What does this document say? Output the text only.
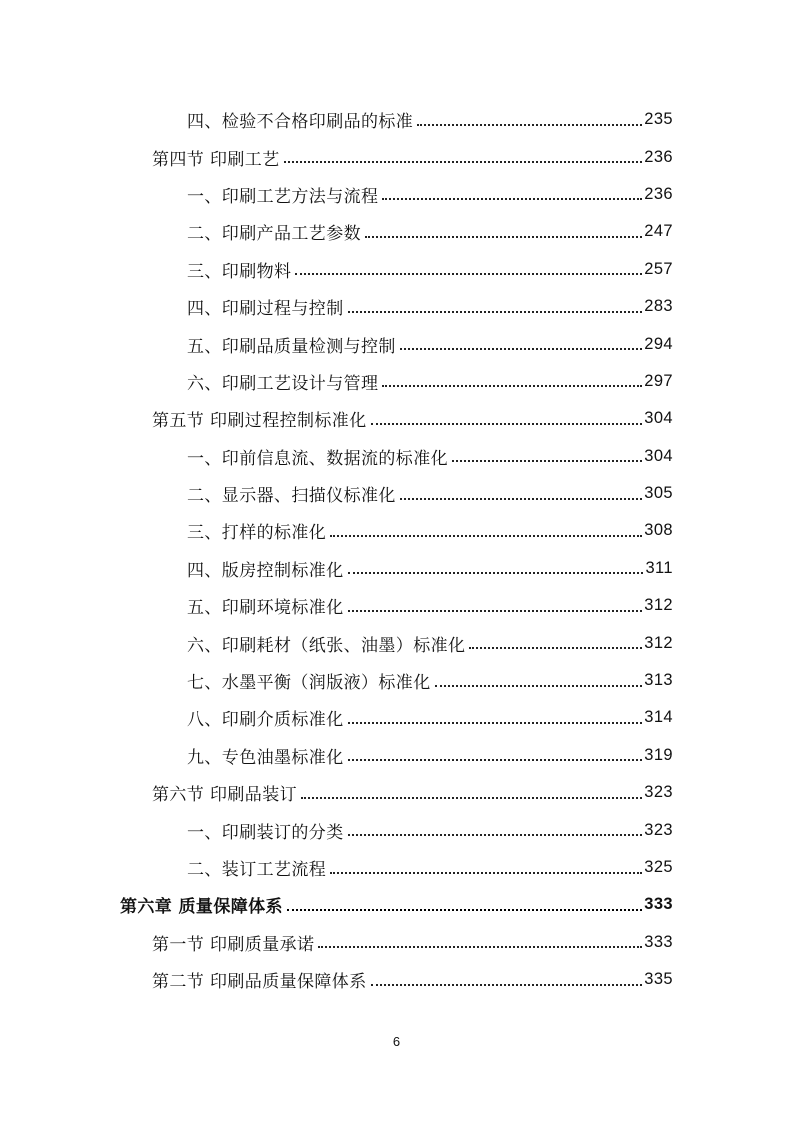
四、检验不合格印刷品的标准	235
第四节 印刷工艺	236
一、印刷工艺方法与流程	236
二、印刷产品工艺参数	247
三、印刷物料	257
四、印刷过程与控制	283
五、印刷品质量检测与控制	294
六、印刷工艺设计与管理	297
第五节 印刷过程控制标准化	304
一、印前信息流、数据流的标准化	304
二、显示器、扫描仪标准化	305
三、打样的标准化	308
四、版房控制标准化	311
五、印刷环境标准化	312
六、印刷耗材（纸张、油墨）标准化	312
七、水墨平衡（润版液）标准化	313
八、印刷介质标准化	314
九、专色油墨标准化	319
第六节 印刷品装订	323
一、印刷装订的分类	323
二、装订工艺流程	325
第六章 质量保障体系	333
第一节 印刷质量承诺	333
第二节 印刷品质量保障体系	335
6
